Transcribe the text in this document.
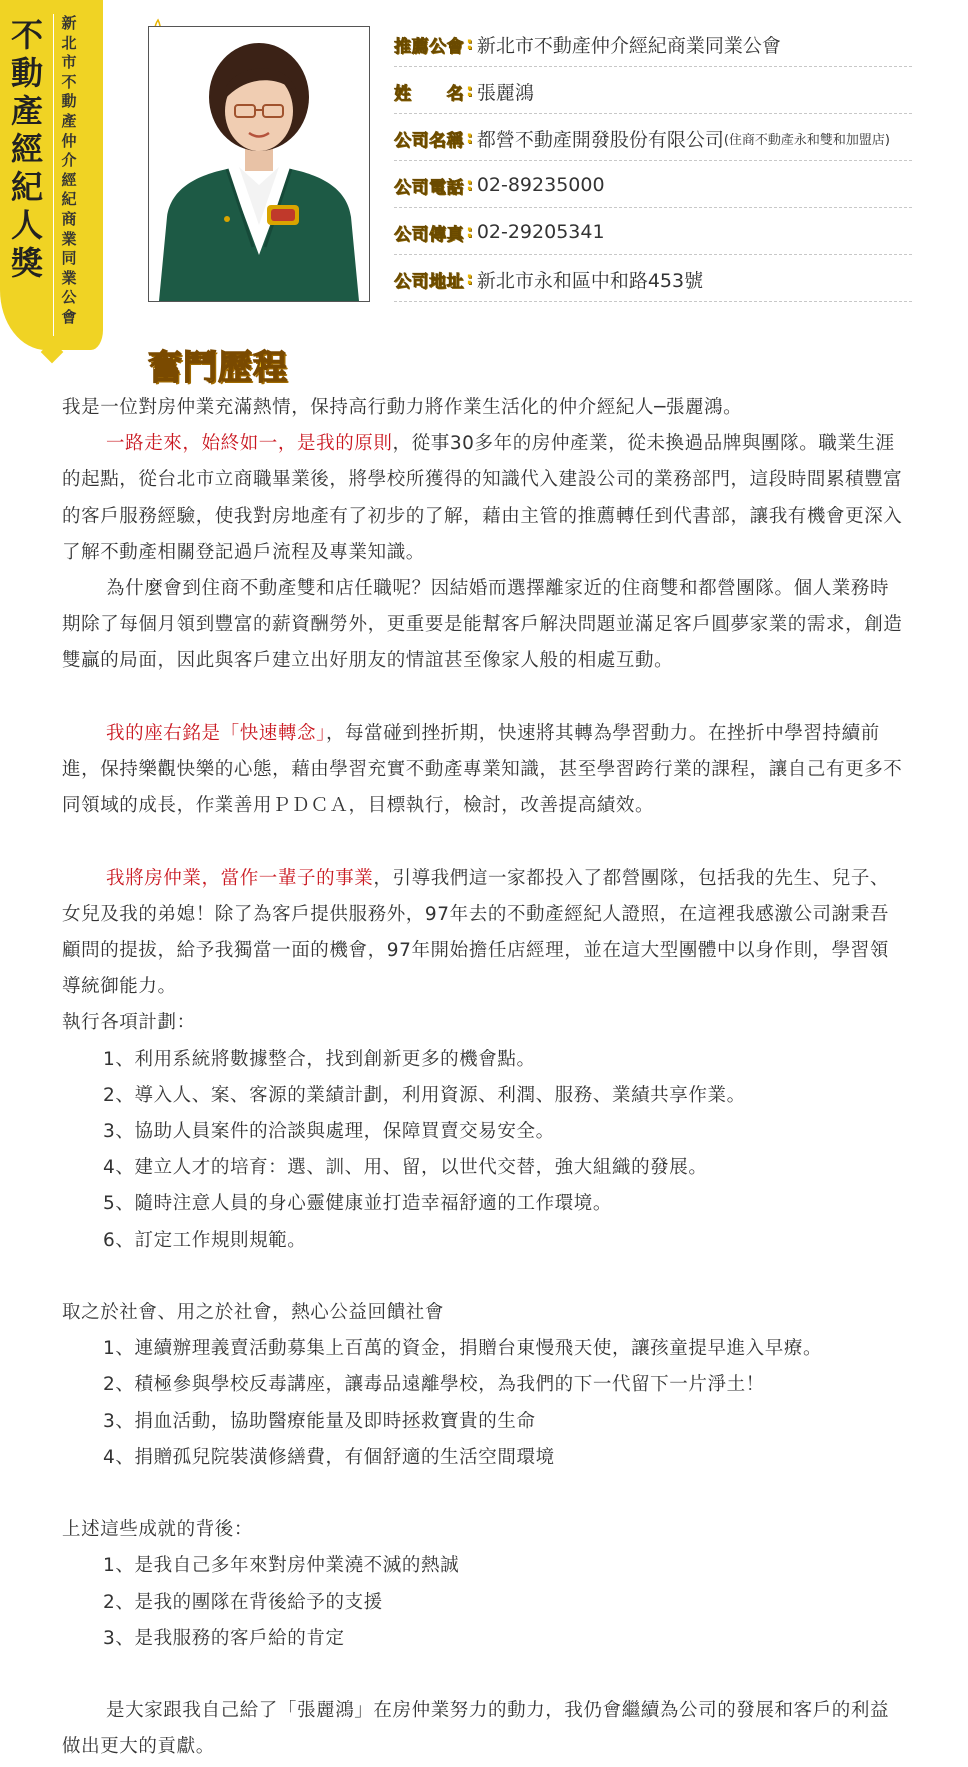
不動產經紀人獎
新北市不動產仲介經紀商業同業公會
推薦公會 : 新北市不動產仲介經紀商業同業公會
姓　　名 : 張麗鴻
公司名稱 : 都營不動產開發股份有限公司 (住商不動產永和雙和加盟店)
公司電話 : 02-89235000
公司傳真 : 02-29205341
公司地址 : 新北市永和區中和路453號
奮鬥歷程

我是一位對房仲業充滿熱情，保持高行動力將作業生活化的仲介經紀人─張麗鴻。

一路走來，始終如一，是我的原則，從事30多年的房仲產業，從未換過品牌與團隊。職業生涯的起點，從台北市立商職畢業後，將學校所獲得的知識代入建設公司的業務部門，這段時間累積豐富的客戶服務經驗，使我對房地產有了初步的了解，藉由主管的推薦轉任到代書部，讓我有機會更深入了解不動產相關登記過戶流程及專業知識。

為什麼會到住商不動產雙和店任職呢？因結婚而選擇離家近的住商雙和都營團隊。個人業務時期除了每個月領到豐富的薪資酬勞外，更重要是能幫客戶解決問題並滿足客戶圓夢家業的需求，創造雙贏的局面，因此與客戶建立出好朋友的情誼甚至像家人般的相處互動。

我的座右銘是「快速轉念」，每當碰到挫折期，快速將其轉為學習動力。在挫折中學習持續前進，保持樂觀快樂的心態，藉由學習充實不動產專業知識，甚至學習跨行業的課程，讓自己有更多不同領域的成長，作業善用ＰＤＣＡ，目標執行，檢討，改善提高績效。

我將房仲業，當作一輩子的事業，引導我們這一家都投入了都營團隊，包括我的先生、兒子、女兒及我的弟媳！除了為客戶提供服務外，97年去的不動產經紀人證照，在這裡我感激公司謝秉吾顧問的提拔，給予我獨當一面的機會，97年開始擔任店經理，並在這大型團體中以身作則，學習領導統御能力。

執行各項計劃：

1、利用系統將數據整合，找到創新更多的機會點。

2、導入人、案、客源的業績計劃，利用資源、利潤、服務、業績共享作業。

3、協助人員案件的洽談與處理，保障買賣交易安全。

4、建立人才的培育：選、訓、用、留，以世代交替，強大組織的發展。

5、隨時注意人員的身心靈健康並打造幸福舒適的工作環境。

6、訂定工作規則規範。

取之於社會、用之於社會，熱心公益回饋社會

1、連續辦理義賣活動募集上百萬的資金，捐贈台東慢飛天使，讓孩童提早進入早療。

2、積極參與學校反毒講座，讓毒品遠離學校，為我們的下一代留下一片淨土！

3、捐血活動，協助醫療能量及即時拯救寶貴的生命

4、捐贈孤兒院裝潢修繕費，有個舒適的生活空間環境

上述這些成就的背後：

1、是我自己多年來對房仲業澆不滅的熱誠

2、是我的團隊在背後給予的支援

3、是我服務的客戶給的肯定

是大家跟我自己給了「張麗鴻」在房仲業努力的動力，我仍會繼續為公司的發展和客戶的利益做出更大的貢獻。
